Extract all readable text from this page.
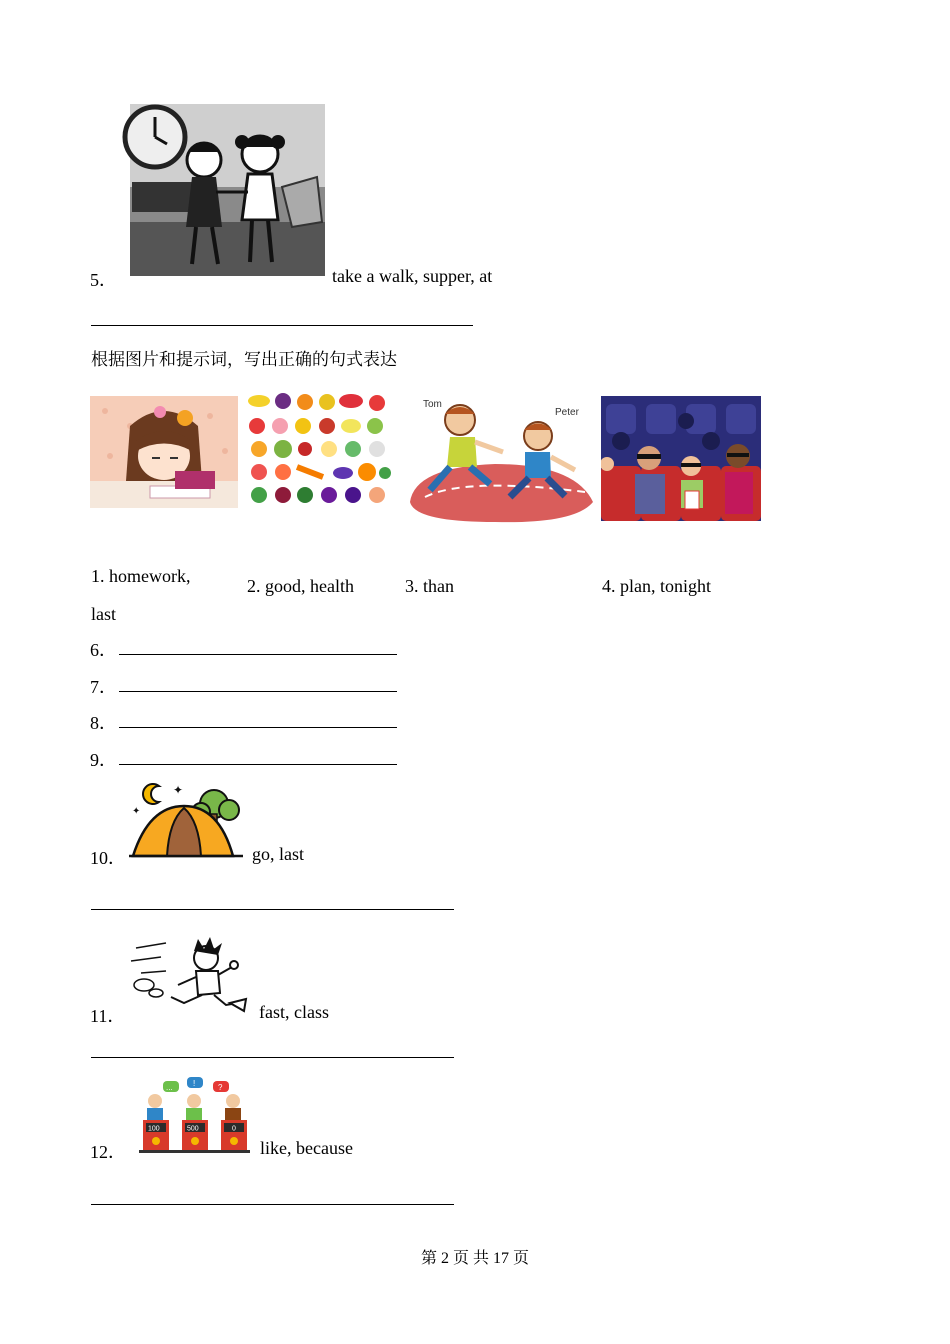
5．	take a walk, supper, at
根据图片和提示词，写出正确的句式表达
Tom
Peter
1. homework,
last
2. good, health	3. than	4. plan, tonight
6．
7．
8．
9．
✦
✦
10．	go, last
11．	fast, class
...	!	?
100	500	0
12．	like, because
第 2 页 共 17 页
